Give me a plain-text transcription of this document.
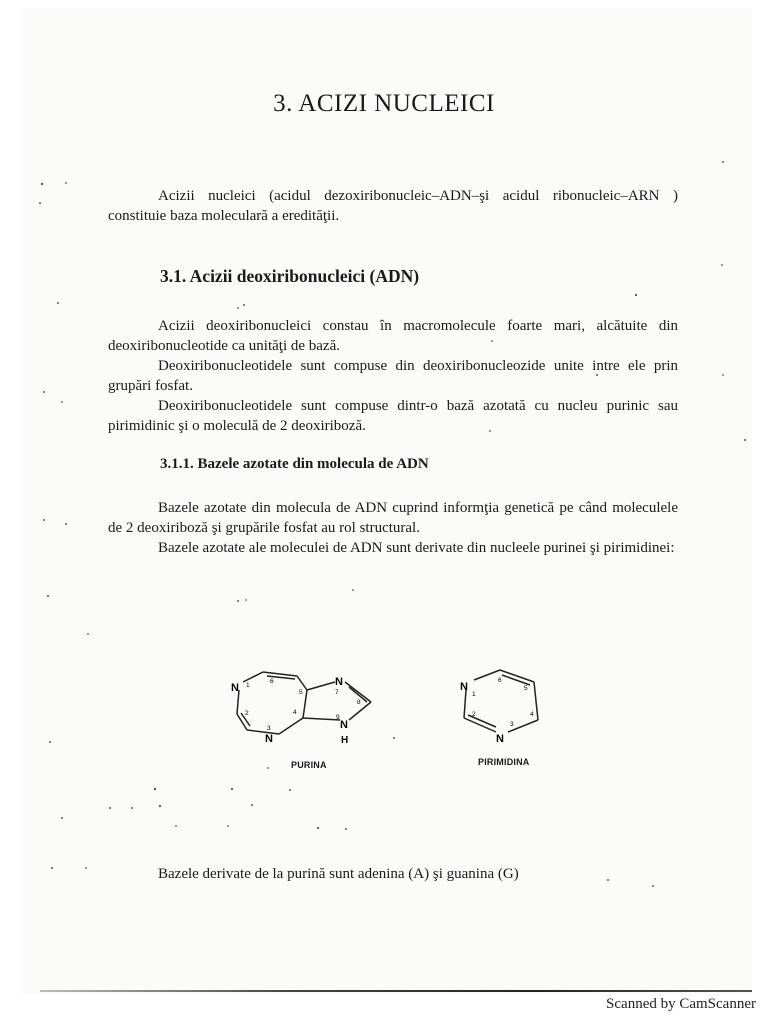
3. ACIZI NUCLEICI

Acizii nucleici (acidul dezoxiribonucleic–ADN–şi acidul ribonucleic–ARN ) constituie baza moleculară a eredităţii.

3.1. Acizii deoxiribonucleici (ADN)

Acizii deoxiribonucleici constau în macromolecule foarte mari, alcătuite din deoxiribonucleotide ca unităţi de bază.

Deoxiribonucleotidele sunt compuse din deoxiribonucleozide unite intre ele prin grupări fosfat.

Deoxiribonucleotidele sunt compuse dintr-o bază azotată cu nucleu purinic sau pirimidinic şi o moleculă de 2 deoxiriboză.

3.1.1. Bazele azotate din molecula de ADN

Bazele azotate din molecula de ADN cuprind informţia genetică pe când moleculele de 2 deoxiriboză şi grupările fosfat au rol structural.

Bazele azotate ale moleculei de ADN sunt derivate din nucleele purinei şi pirimidinei:

N
N
N
N
H
1
2
3
4
5
6
7
8
9
PURINA
N
N
1
2
3
4
5
6
PIRIMIDINA
Bazele derivate de la purină sunt adenina (A) şi guanina (G)
Scanned by CamScanner
